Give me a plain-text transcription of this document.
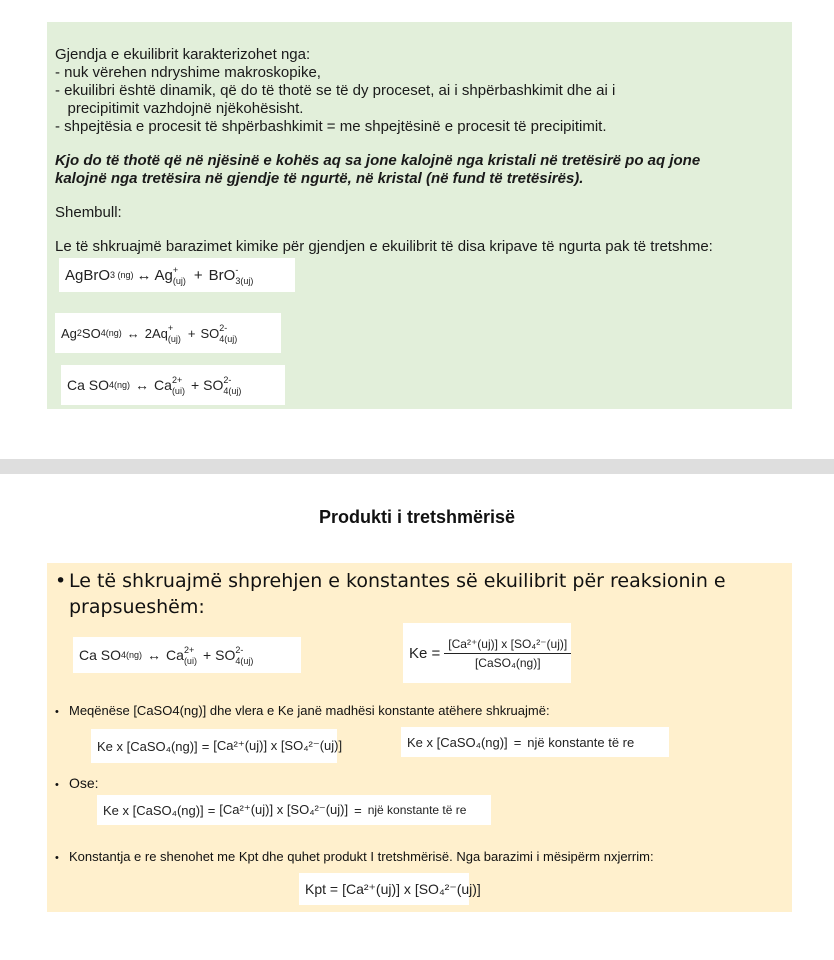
Gjendja e ekuilibrit karakterizohet nga:
- nuk vërehen ndryshime makroskopike,
- ekuilibri është dinamik, që do të thotë se të dy proceset, ai i shpërbashkimit dhe ai i
precipitimit vazhdojnë njëkohësisht.
- shpejtësia e procesit të shpërbashkimit = me shpejtësinë e procesit të precipitimit.
Kjo do të thotë që në njësinë e kohës aq sa jone kalojnë nga kristali në tretësirë po aq jone
kalojnë nga tretësira në gjendje të ngurtë, në kristal (në fund të tretësirës).
Shembull:
Le të shkruajmë barazimet kimike për gjendjen e ekuilibrit të disa kripave të ngurta pak të tretshme:
AgBrO 3 (ng) ↔ Ag +
(uj) + BrO -
3(uj)
Ag 2 SO 4(ng) ↔ 2Aq +
(uj) + SO 2-
4(uj)
Ca SO 4(ng) ↔ Ca 2+
(ui) + SO 2-
4(uj)
Produkti i tretshmërisë
• Le të shkruajmë shprehjen e konstantes së ekuilibrit për reaksionin e
prapsueshëm:
Ca SO 4(ng) ↔ Ca 2+
(ui) + SO 2-
4(uj)	$Ke = \frac{\text{[Ca²⁺(uj)] x [SO₄²⁻(uj)]}}{\text{[CaSO₄(ng)]}}$
• Meqënëse [CaSO4(ng)] dhe vlera e Ke janë madhësi konstante atëhere shkruajmë:
Ke x [CaSO₄(ng)] = [Ca²⁺(uj)] x [SO₄²⁻(uj)]	Ke x [CaSO₄(ng)] = një konstante të re
• Ose:
Ke x [CaSO₄(ng)] = [Ca²⁺(uj)] x [SO₄²⁻(uj)] = një konstante të re
• Konstantja e re shenohet me Kpt dhe quhet produkt I tretshmërisë. Nga barazimi i mësipërm nxjerrim:
Kpt = [Ca²⁺(uj)] x [SO₄²⁻(uj)]
